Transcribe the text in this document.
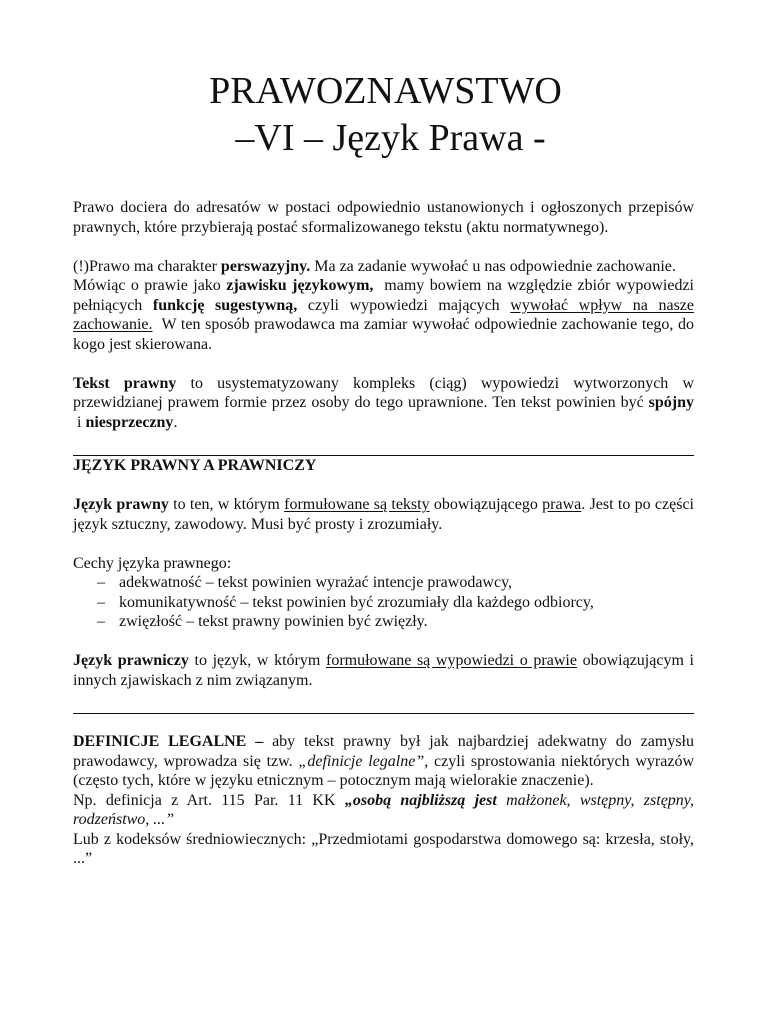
PRAWOZNAWSTWO
–VI – Język Prawa -

Prawo dociera do adresatów w postaci odpowiednio ustanowionych i ogłoszonych przepisów prawnych, które przybierają postać sformalizowanego tekstu (aktu normatywnego).

(!)Prawo ma charakter perswazyjny. Ma za zadanie wywołać u nas odpowiednie zachowanie.
Mówiąc o prawie jako zjawisku językowym,  mamy bowiem na względzie zbiór wypowiedzi pełniących funkcję sugestywną, czyli wypowiedzi mających wywołać wpływ na nasze zachowanie.  W ten sposób prawodawca ma zamiar wywołać odpowiednie zachowanie tego, do kogo jest skierowana.

Tekst prawny to usystematyzowany kompleks (ciąg) wypowiedzi wytworzonych w przewidzianej prawem formie przez osoby do tego uprawnione. Ten tekst powinien być spójny i niesprzeczny.

JĘZYK PRAWNY A PRAWNICZY

Język prawny to ten, w którym formułowane są teksty obowiązującego prawa. Jest to po części język sztuczny, zawodowy. Musi być prosty i zrozumiały.

Cechy języka prawnego:

– adekwatność – tekst powinien wyrażać intencje prawodawcy,
– komunikatywność – tekst powinien być zrozumiały dla każdego odbiorcy,
– zwięzłość – tekst prawny powinien być zwięzły.

Język prawniczy to język, w którym formułowane są wypowiedzi o prawie obowiązującym i innych zjawiskach z nim związanym.

DEFINICJE LEGALNE – aby tekst prawny był jak najbardziej adekwatny do zamysłu prawodawcy, wprowadza się tzw. „definicje legalne”, czyli sprostowania niektórych wyrazów (często tych, które w języku etnicznym – potocznym mają wielorakie znaczenie).

Np. definicja z Art. 115 Par. 11 KK „osobą najbliższą jest małżonek, wstępny, zstępny, rodzeństwo, ...”

Lub z kodeksów średniowiecznych: „Przedmiotami gospodarstwa domowego są: krzesła, stoły, ...”
